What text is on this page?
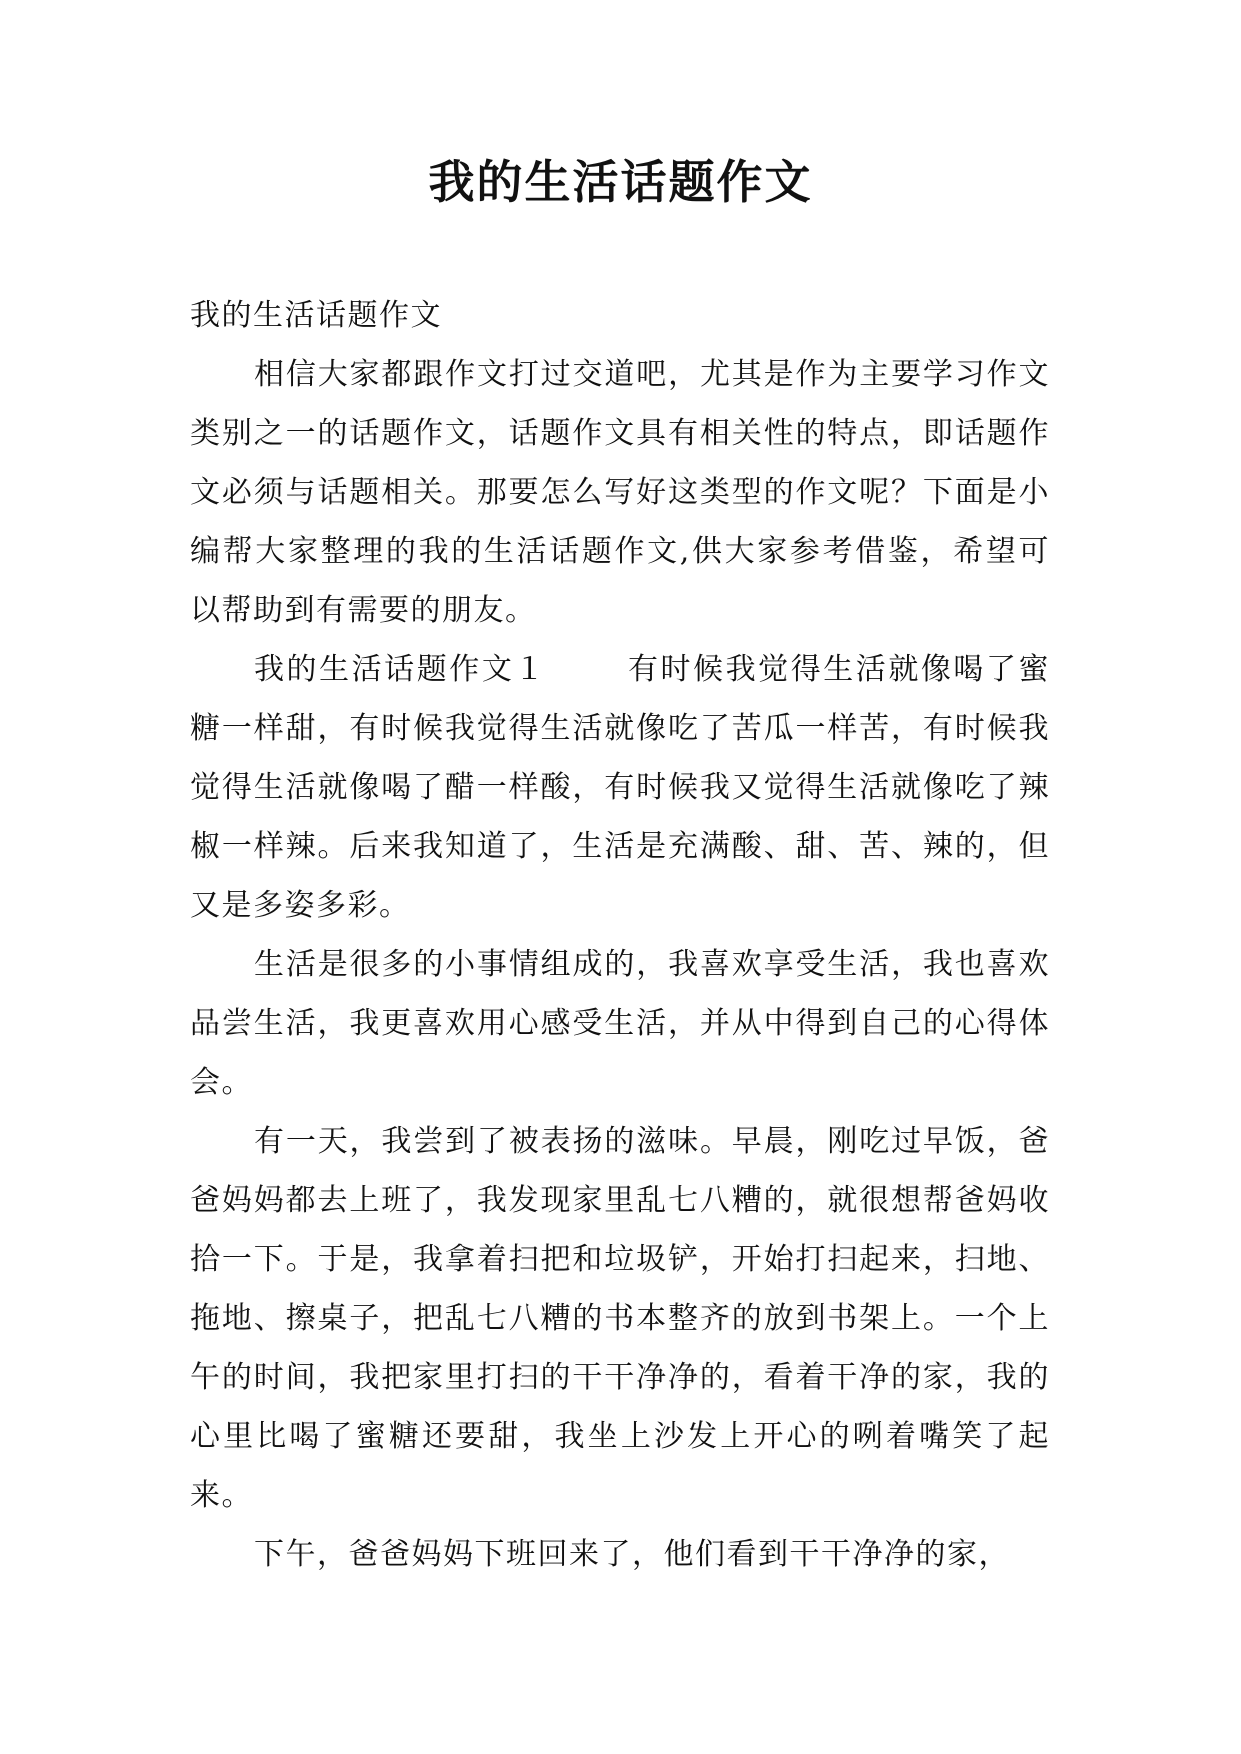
我的生活话题作文

我的生活话题作文

相信大家都跟作文打过交道吧，尤其是作为主要学习作文类别之一的话题作文，话题作文具有相关性的特点，即话题作文必须与话题相关。那要怎么写好这类型的作文呢？下面是小编帮大家整理的我的生活话题作文,供大家参考借鉴，希望可以帮助到有需要的朋友。

我的生活话题作文１	有时候我觉得生活就像喝了蜜糖一样甜，有时候我觉得生活就像吃了苦瓜一样苦，有时候我觉得生活就像喝了醋一样酸，有时候我又觉得生活就像吃了辣椒一样辣。后来我知道了，生活是充满酸、甜、苦、辣的，但又是多姿多彩。

生活是很多的小事情组成的，我喜欢享受生活，我也喜欢品尝生活，我更喜欢用心感受生活，并从中得到自己的心得体会。

有一天，我尝到了被表扬的滋味。早晨，刚吃过早饭，爸爸妈妈都去上班了，我发现家里乱七八糟的，就很想帮爸妈收拾一下。于是，我拿着扫把和垃圾铲，开始打扫起来，扫地、拖地、擦桌子，把乱七八糟的书本整齐的放到书架上。一个上午的时间，我把家里打扫的干干净净的，看着干净的家，我的心里比喝了蜜糖还要甜，我坐上沙发上开心的咧着嘴笑了起来。

下午，爸爸妈妈下班回来了，他们看到干干净净的家，
